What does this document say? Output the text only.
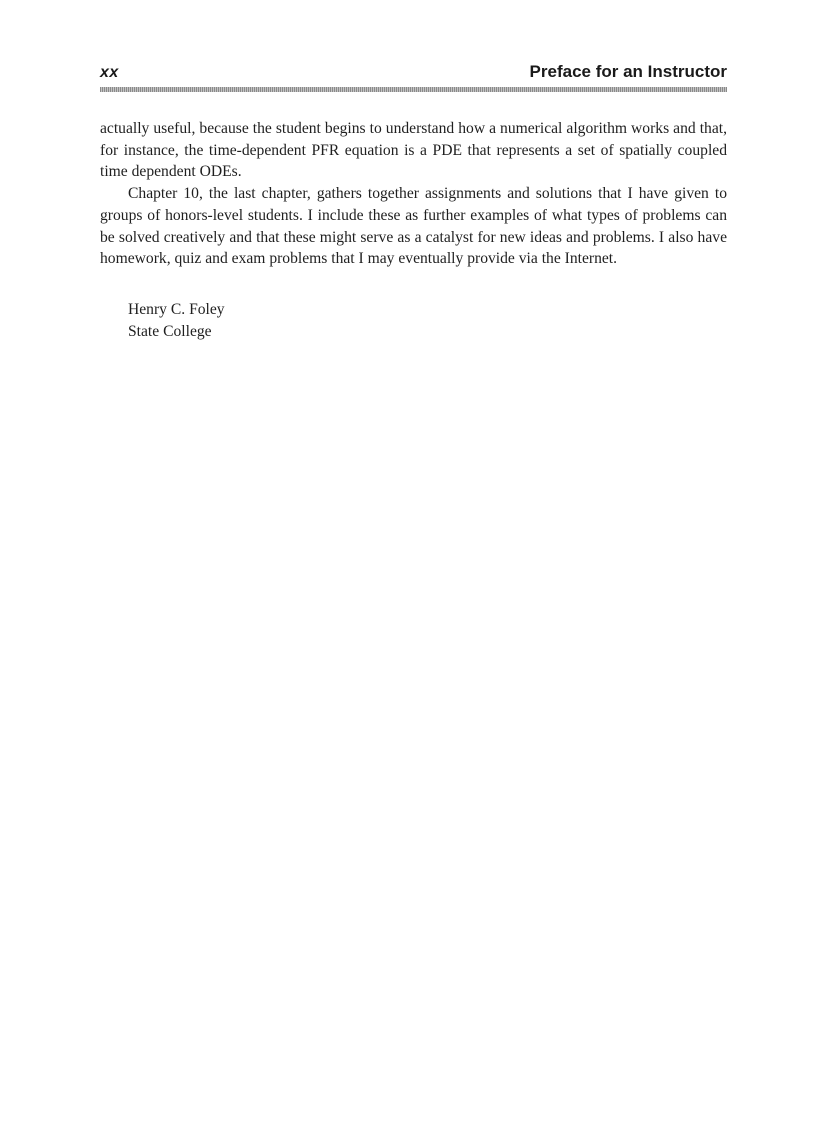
xx	Preface for an Instructor

actually useful, because the student begins to understand how a numerical algorithm works and that, for instance, the time-dependent PFR equation is a PDE that represents a set of spatially coupled time dependent ODEs.

Chapter 10, the last chapter, gathers together assignments and solutions that I have given to groups of honors-level students. I include these as further examples of what types of problems can be solved creatively and that these might serve as a catalyst for new ideas and problems. I also have homework, quiz and exam problems that I may eventually provide via the Internet.

Henry C. Foley
State College
